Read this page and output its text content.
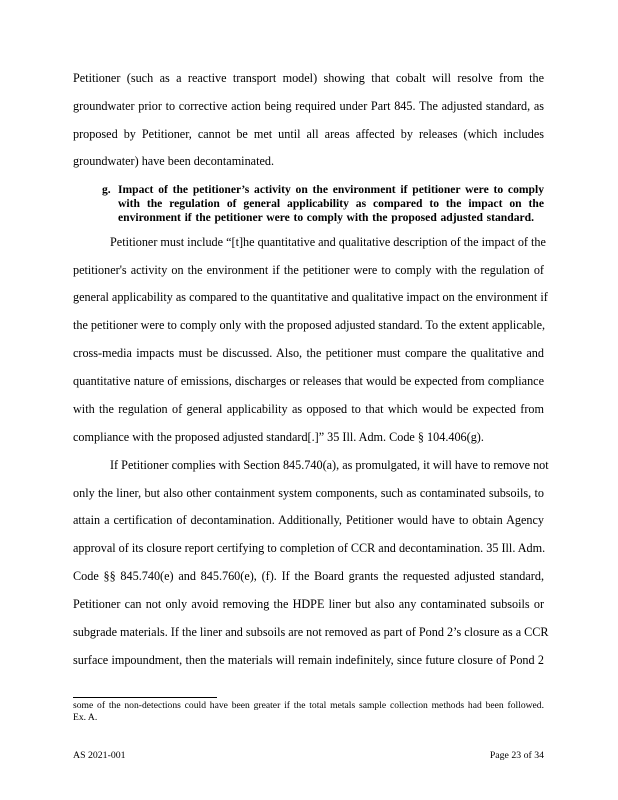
Petitioner (such as a reactive transport model) showing that cobalt will resolve from the
groundwater prior to corrective action being required under Part 845. The adjusted standard, as
proposed by Petitioner, cannot be met until all areas affected by releases (which includes
groundwater) have been decontaminated.
g. Impact of the petitioner’s activity on the environment if petitioner were to comply
with the regulation of general applicability as compared to the impact on the
environment if the petitioner were to comply with the proposed adjusted standard.
Petitioner must include “[t]he quantitative and qualitative description of the impact of the
petitioner's activity on the environment if the petitioner were to comply with the regulation of
general applicability as compared to the quantitative and qualitative impact on the environment if
the petitioner were to comply only with the proposed adjusted standard. To the extent applicable,
cross-media impacts must be discussed. Also, the petitioner must compare the qualitative and
quantitative nature of emissions, discharges or releases that would be expected from compliance
with the regulation of general applicability as opposed to that which would be expected from
compliance with the proposed adjusted standard[.]” 35 Ill. Adm. Code § 104.406(g).
If Petitioner complies with Section 845.740(a), as promulgated, it will have to remove not
only the liner, but also other containment system components, such as contaminated subsoils, to
attain a certification of decontamination. Additionally, Petitioner would have to obtain Agency
approval of its closure report certifying to completion of CCR and decontamination. 35 Ill. Adm.
Code §§ 845.740(e) and 845.760(e), (f). If the Board grants the requested adjusted standard,
Petitioner can not only avoid removing the HDPE liner but also any contaminated subsoils or
subgrade materials. If the liner and subsoils are not removed as part of Pond 2’s closure as a CCR
surface impoundment, then the materials will remain indefinitely, since future closure of Pond 2
some of the non-detections could have been greater if the total metals sample collection methods had been followed.
Ex. A.
AS 2021-001	Page 23 of 34
